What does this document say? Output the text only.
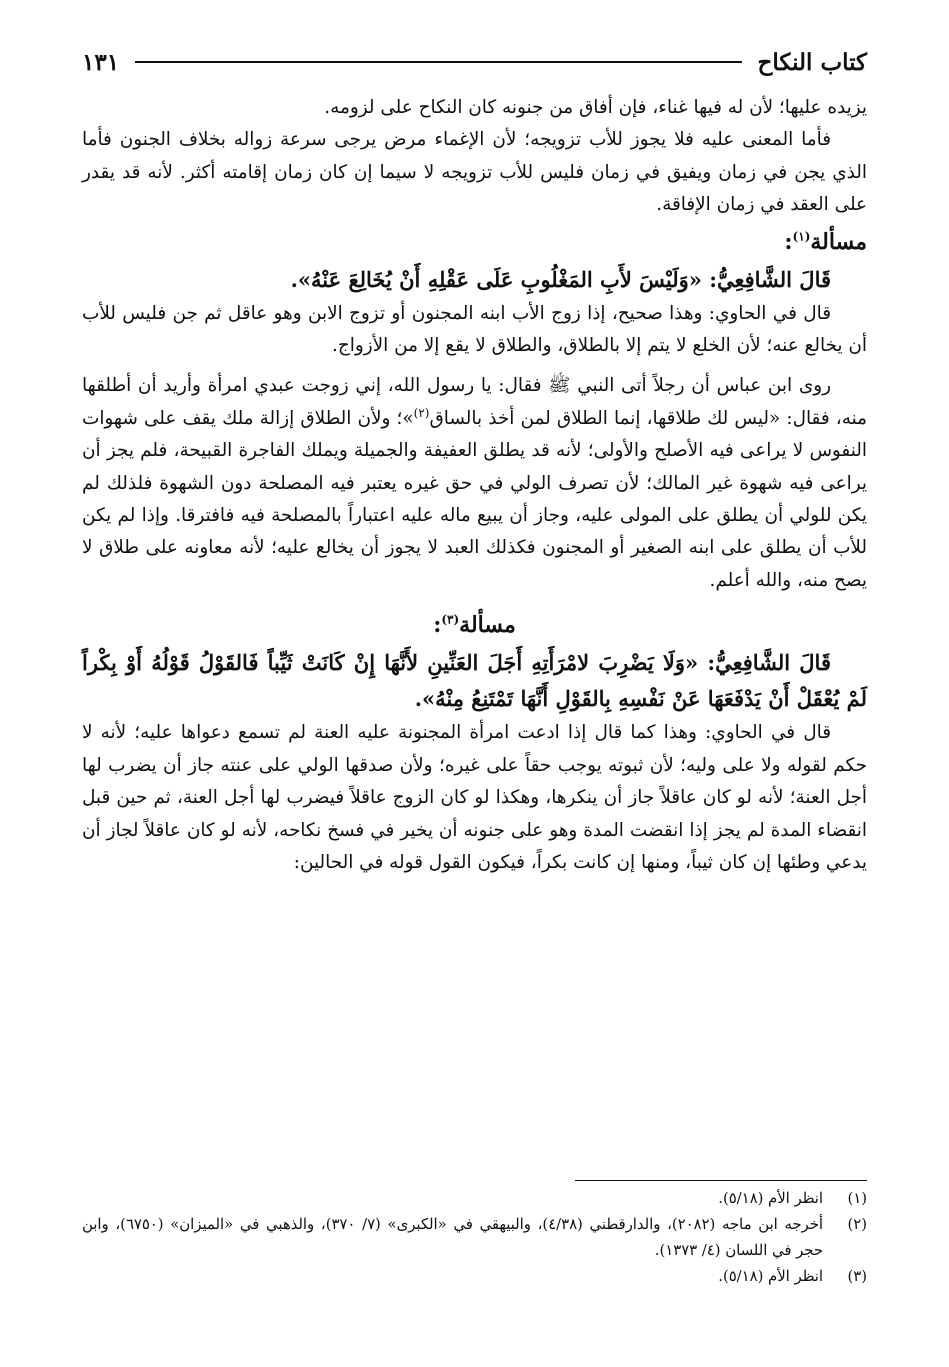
كتاب النكاح
١٣١

يزيده عليها؛ لأن له فيها غناء، فإن أفاق من جنونه كان النكاح على لزومه.

فأما المعنى عليه فلا يجوز للأب تزويجه؛ لأن الإغماء مرض يرجى سرعة زواله بخلاف الجنون فأما الذي يجن في زمان ويفيق في زمان فليس للأب تزويجه لا سيما إن كان زمان إقامته أكثر. لأنه قد يقدر على العقد في زمان الإفاقة.

مسألة$^{(١)}$:

قَالَ الشَّافِعِيُّ: «وَلَيْسَ لأَبِ المَغْلُوبِ عَلَى عَقْلِهِ أَنْ يُخَالِعَ عَنْهُ».

قال في الحاوي: وهذا صحيح، إذا زوج الأب ابنه المجنون أو تزوج الابن وهو عاقل ثم جن فليس للأب أن يخالع عنه؛ لأن الخلع لا يتم إلا بالطلاق، والطلاق لا يقع إلا من الأزواج.

روى ابن عباس أن رجلاً أتى النبي ﷺ فقال: يا رسول الله، إني زوجت عبدي امرأة وأريد أن أطلقها منه، فقال: «ليس لك طلاقها، إنما الطلاق لمن أخذ بالساق$^{(٢)}$»؛ ولأن الطلاق إزالة ملك يقف على شهوات النفوس لا يراعى فيه الأصلح والأولى؛ لأنه قد يطلق العفيفة والجميلة ويملك الفاجرة القبيحة، فلم يجز أن يراعى فيه شهوة غير المالك؛ لأن تصرف الولي في حق غيره يعتبر فيه المصلحة دون الشهوة فلذلك لم يكن للولي أن يطلق على المولى عليه، وجاز أن يبيع ماله عليه اعتباراً بالمصلحة فيه فافترقا. وإذا لم يكن للأب أن يطلق على ابنه الصغير أو المجنون فكذلك العبد لا يجوز أن يخالع عليه؛ لأنه معاونه على طلاق لا يصح منه، والله أعلم.

مسألة$^{(٣)}$:

قَالَ الشَّافِعِيُّ: «وَلَا يَضْرِبَ لامْرَأَتِهِ أَجَلَ العَنِّينِ لأَنَّهَا إِنْ كَانَتْ ثَيِّباً فَالقَوْلُ قَوْلُهُ أَوْ بِكْراً لَمْ يُعْقَلْ أَنْ يَدْفَعَهَا عَنْ نَفْسِهِ بِالقَوْلِ أَنَّهَا تَمْتَنِعُ مِنْهُ».

قال في الحاوي: وهذا كما قال إذا ادعت امرأة المجنونة عليه العنة لم تسمع دعواها عليه؛ لأنه لا حكم لقوله ولا على وليه؛ لأن ثبوته يوجب حقاً على غيره؛ ولأن صدقها الولي على عنته جاز أن يضرب لها أجل العنة؛ لأنه لو كان عاقلاً جاز أن ينكرها، وهكذا لو كان الزوج عاقلاً فيضرب لها أجل العنة، ثم حين قبل انقضاء المدة لم يجز إذا انقضت المدة وهو على جنونه أن يخير في فسخ نكاحه، لأنه لو كان عاقلاً لجاز أن يدعي وطئها إن كان ثيباً، ومنها إن كانت بكراً، فيكون القول قوله في الحالين:

(١)
انظر الأم (٥/١٨).

(٢)
أخرجه ابن ماجه (٢٠٨٢)، والدارقطني (٤/٣٨)، والبيهقي في «الكبرى» (٧/ ٣٧٠)، والذهبي في «الميزان» (٦٧٥٠)، وابن حجر في اللسان (٤/ ١٣٧٣).

(٣)
انظر الأم (٥/١٨).
